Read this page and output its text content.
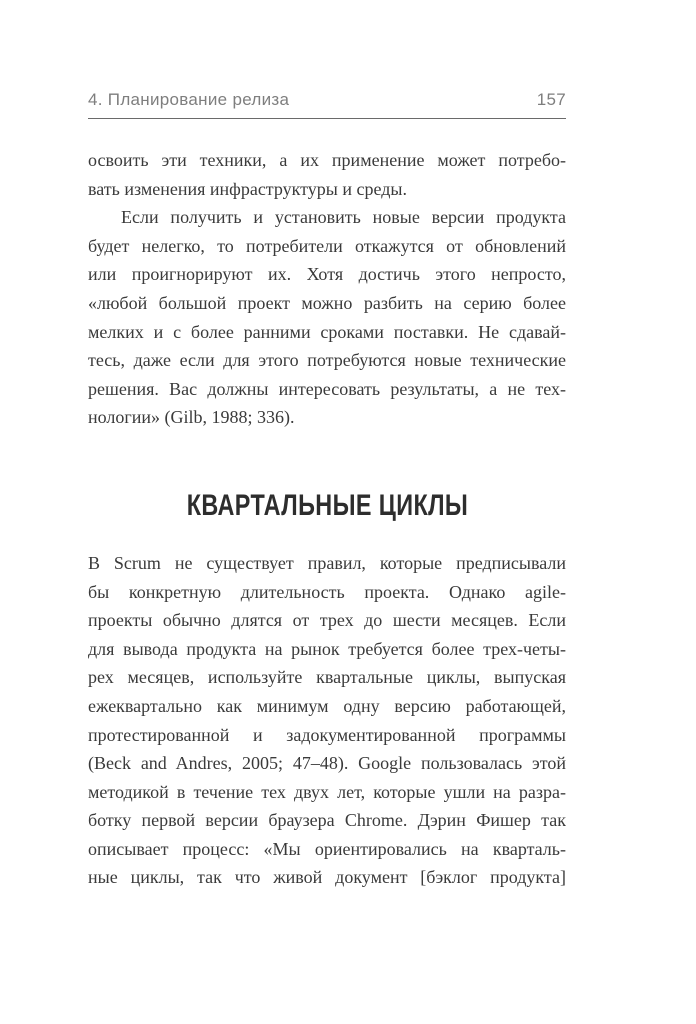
4. Планирование релиза	157
освоить эти техники, а их применение может потребо-
вать изменения инфраструктуры и среды.
Если получить и установить новые версии продукта
будет нелегко, то потребители откажутся от обновлений
или проигнорируют их. Хотя достичь этого непросто,
«любой большой проект можно разбить на серию более
мелких и с более ранними сроками поставки. Не сдавай-
тесь, даже если для этого потребуются новые технические
решения. Вас должны интересовать результаты, а не тех-
нологии» (Gilb, 1988; 336).
КВАРТАЛЬНЫЕ ЦИКЛЫ
В Scrum не существует правил, которые предписывали
бы конкретную длительность проекта. Однако agile-
проекты обычно длятся от трех до шести месяцев. Если
для вывода продукта на рынок требуется более трех-четы-
рех месяцев, используйте квартальные циклы, выпуская
ежеквартально как минимум одну версию работающей,
протестированной и задокументированной программы
(Beck and Andres, 2005; 47–48). Google пользовалась этой
методикой в течение тех двух лет, которые ушли на разра-
ботку первой версии браузера Chrome. Дэрин Фишер так
описывает процесс: «Мы ориентировались на кварталь-
ные циклы, так что живой документ [бэклог продукта]
